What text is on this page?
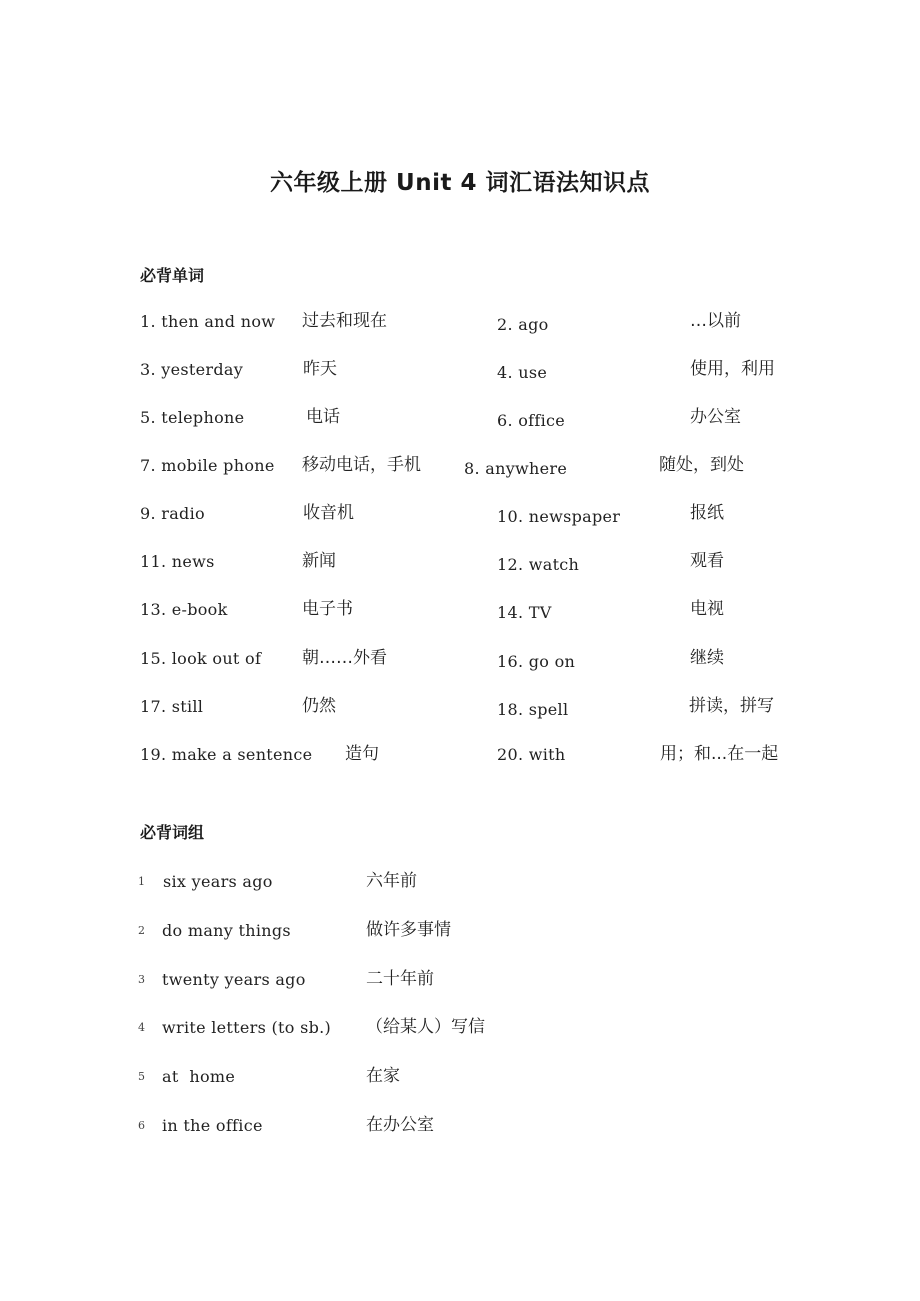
六年级上册 Unit 4 词汇语法知识点
必背单词
1. then and now 过去和现在	2. ago	…以前
3. yesterday	昨天	4. use	使用，利用
5. telephone	电话	6. office	办公室
7. mobile phone 移动电话，手机	8. anywhere	随处，到处
9. radio	收音机	10. newspaper	报纸
11. news	新闻	12. watch	观看
13. e-book	电子书	14. TV	电视
15. look out of 朝……外看	16. go on	继续
17. still	仍然	18. spell	拼读，拼写
19. make a sentence 造句	20. with	用；和...在一起
必背词组
1 six years ago	六年前
2 do many things	做许多事情
3 twenty years ago	二十年前
4 write letters (to sb.) （给某人）写信
5 at  home	在家
6 in the office	在办公室
